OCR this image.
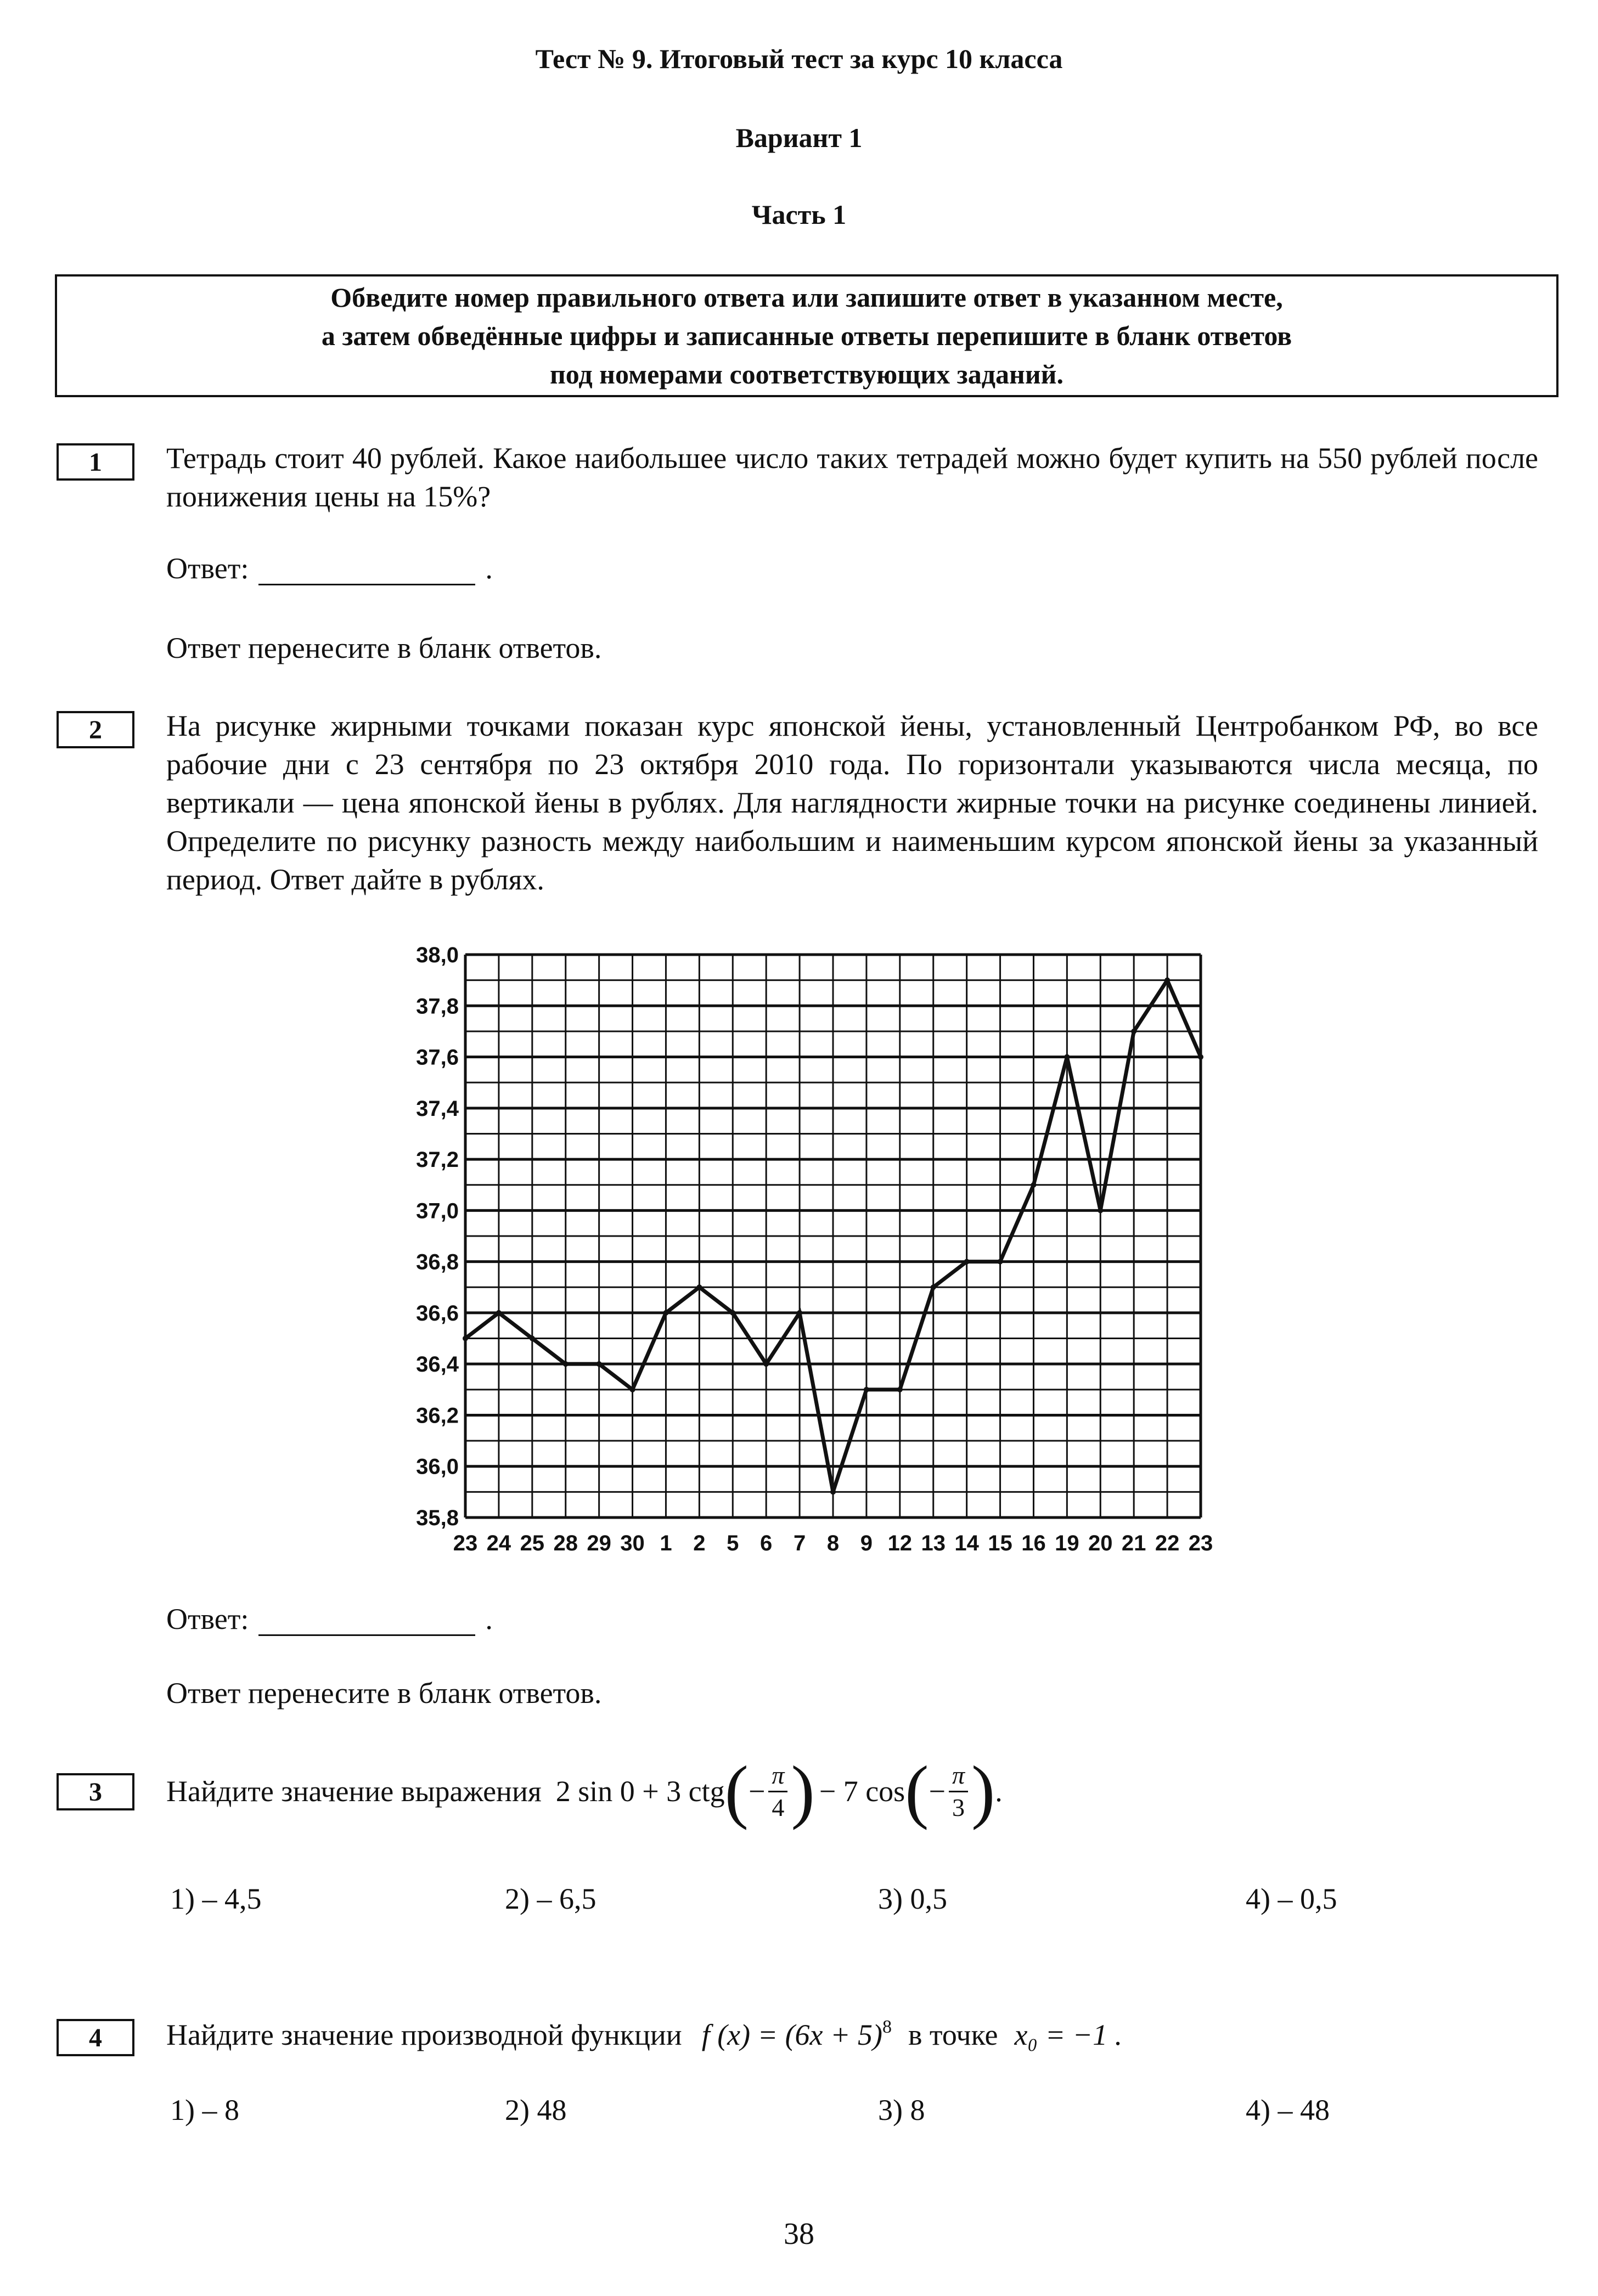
Тест № 9. Итоговый тест за курс 10 класса
Вариант 1
Часть 1
Обведите номер правильного ответа или запишите ответ в указанном месте,
а затем обведённые цифры и записанные ответы перепишите в бланк ответов
под номерами соответствующих заданий.
1	Тетрадь стоит 40 рублей. Какое наибольшее число таких тетрадей можно будет купить на 550 рублей после понижения цены на 15%?
Ответ:	.
Ответ перенесите в бланк ответов.
2	На рисунке жирными точками показан курс японской йены, установленный Центробанком РФ, во все рабочие дни с 23 сентября по 23 октября 2010 года. По горизонтали указываются числа месяца, по вертикали — цена японской йены в рублях. Для наглядности жирные точки на рисунке соединены линией. Определите по рисунку разность между наибольшим и наименьшим курсом японской йены за указанный период. Ответ дайте в рублях.
38,0
37,8
37,6
37,4
37,2
37,0
36,8
36,6
36,4
36,2
36,0
35,8
23 24 25 28 29 30 1 2 5 6 7 8 9 12 13 14 15 16 19 20 21 22 23
Ответ:	.
Ответ перенесите в бланк ответов.
3	Найдите значение выражения 2 sin 0 + 3 ctg ( − $\frac{\pi}{4}$ ) − 7 cos ( − $\frac{\pi}{3}$ ) .
1) – 4,5	2) – 6,5	3) 0,5	4) – 0,5
4	Найдите значение производной функции f $(x) = (6x + 5)^8$ в точке x₀ = −1 .
1) – 8	2) 48	3) 8	4) – 48
38
